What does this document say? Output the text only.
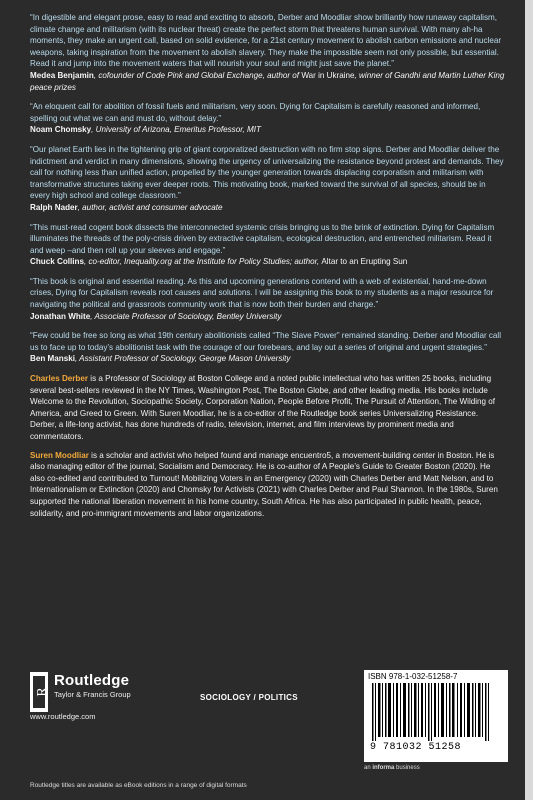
“In digestible and elegant prose, easy to read and exciting to absorb, Derber and Moodliar show brilliantly how runaway capitalism, climate change and militarism (with its nuclear threat) create the perfect storm that threatens human survival. With many ah-ha moments, they make an urgent call, based on solid evidence, for a 21st century movement to abolish carbon emissions and nuclear weapons, taking inspiration from the movement to abolish slavery. They make the impossible seem not only possible, but essential. Read it and jump into the movement waters that will nourish your soul and might just save the planet.”

Medea Benjamin, cofounder of Code Pink and Global Exchange, author of War in Ukraine, winner of Gandhi and Martin Luther King peace prizes

“An eloquent call for abolition of fossil fuels and militarism, very soon. Dying for Capitalism is carefully reasoned and informed, spelling out what we can and must do, without delay.”

Noam Chomsky, University of Arizona, Emeritus Professor, MIT

“Our planet Earth lies in the tightening grip of giant corporatized destruction with no firm stop signs. Derber and Moodliar deliver the indictment and verdict in many dimensions, showing the urgency of universalizing the resistance beyond protest and demands. They call for nothing less than unified action, propelled by the younger generation towards displacing corporatism and militarism with transformative structures taking ever deeper roots. This motivating book, marked toward the survival of all species, should be in every high school and college classroom.”

Ralph Nader, author, activist and consumer advocate

“This must-read cogent book dissects the interconnected systemic crisis bringing us to the brink of extinction. Dying for Capitalism illuminates the threads of the poly-crisis driven by extractive capitalism, ecological destruction, and entrenched militarism. Read it and weep –and then roll up your sleeves and engage.”

Chuck Collins, co-editor, Inequality.org at the Institute for Policy Studies; author, Altar to an Erupting Sun

“This book is original and essential reading. As this and upcoming generations contend with a web of existential, hand-me-down crises, Dying for Capitalism reveals root causes and solutions. I will be assigning this book to my students as a major resource for navigating the political and grassroots community work that is now both their burden and charge.”

Jonathan White, Associate Professor of Sociology, Bentley University

“Few could be free so long as what 19th century abolitionists called “The Slave Power” remained standing. Derber and Moodliar call us to face up to today’s abolitionist task with the courage of our forebears, and lay out a series of original and urgent strategies.”

Ben Manski, Assistant Professor of Sociology, George Mason University

Charles Derber is a Professor of Sociology at Boston College and a noted public intellectual who has written 25 books, including several best-sellers reviewed in the NY Times, Washington Post, The Boston Globe, and other leading media. His books include Welcome to the Revolution, Sociopathic Society, Corporation Nation, People Before Profit, The Pursuit of Attention, The Wilding of America, and Greed to Green. With Suren Moodliar, he is a co-editor of the Routledge book series Universalizing Resistance. Derber, a life-long activist, has done hundreds of radio, television, internet, and film interviews by prominent media and commentators.

Suren Moodliar is a scholar and activist who helped found and manage encuentro5, a movement-building center in Boston. He is also managing editor of the journal, Socialism and Democracy. He is co-author of A People’s Guide to Greater Boston (2020). He also co-edited and contributed to Turnout! Mobilizing Voters in an Emergency (2020) with Charles Derber and Matt Nelson, and to Internationalism or Extinction (2020) and Chomsky for Activists (2021) with Charles Derber and Paul Shannon. In the 1980s, Suren supported the national liberation movement in his home country, South Africa. He has also participated in public health, peace, solidarity, and pro-immigrant movements and labor organizations.

R
Routledge
Taylor & Francis Group
www.routledge.com
SOCIOLOGY / POLITICS
ISBN 978-1-032-51258-7
9 781032 51258
an informa business
Routledge titles are available as eBook editions in a range of digital formats
